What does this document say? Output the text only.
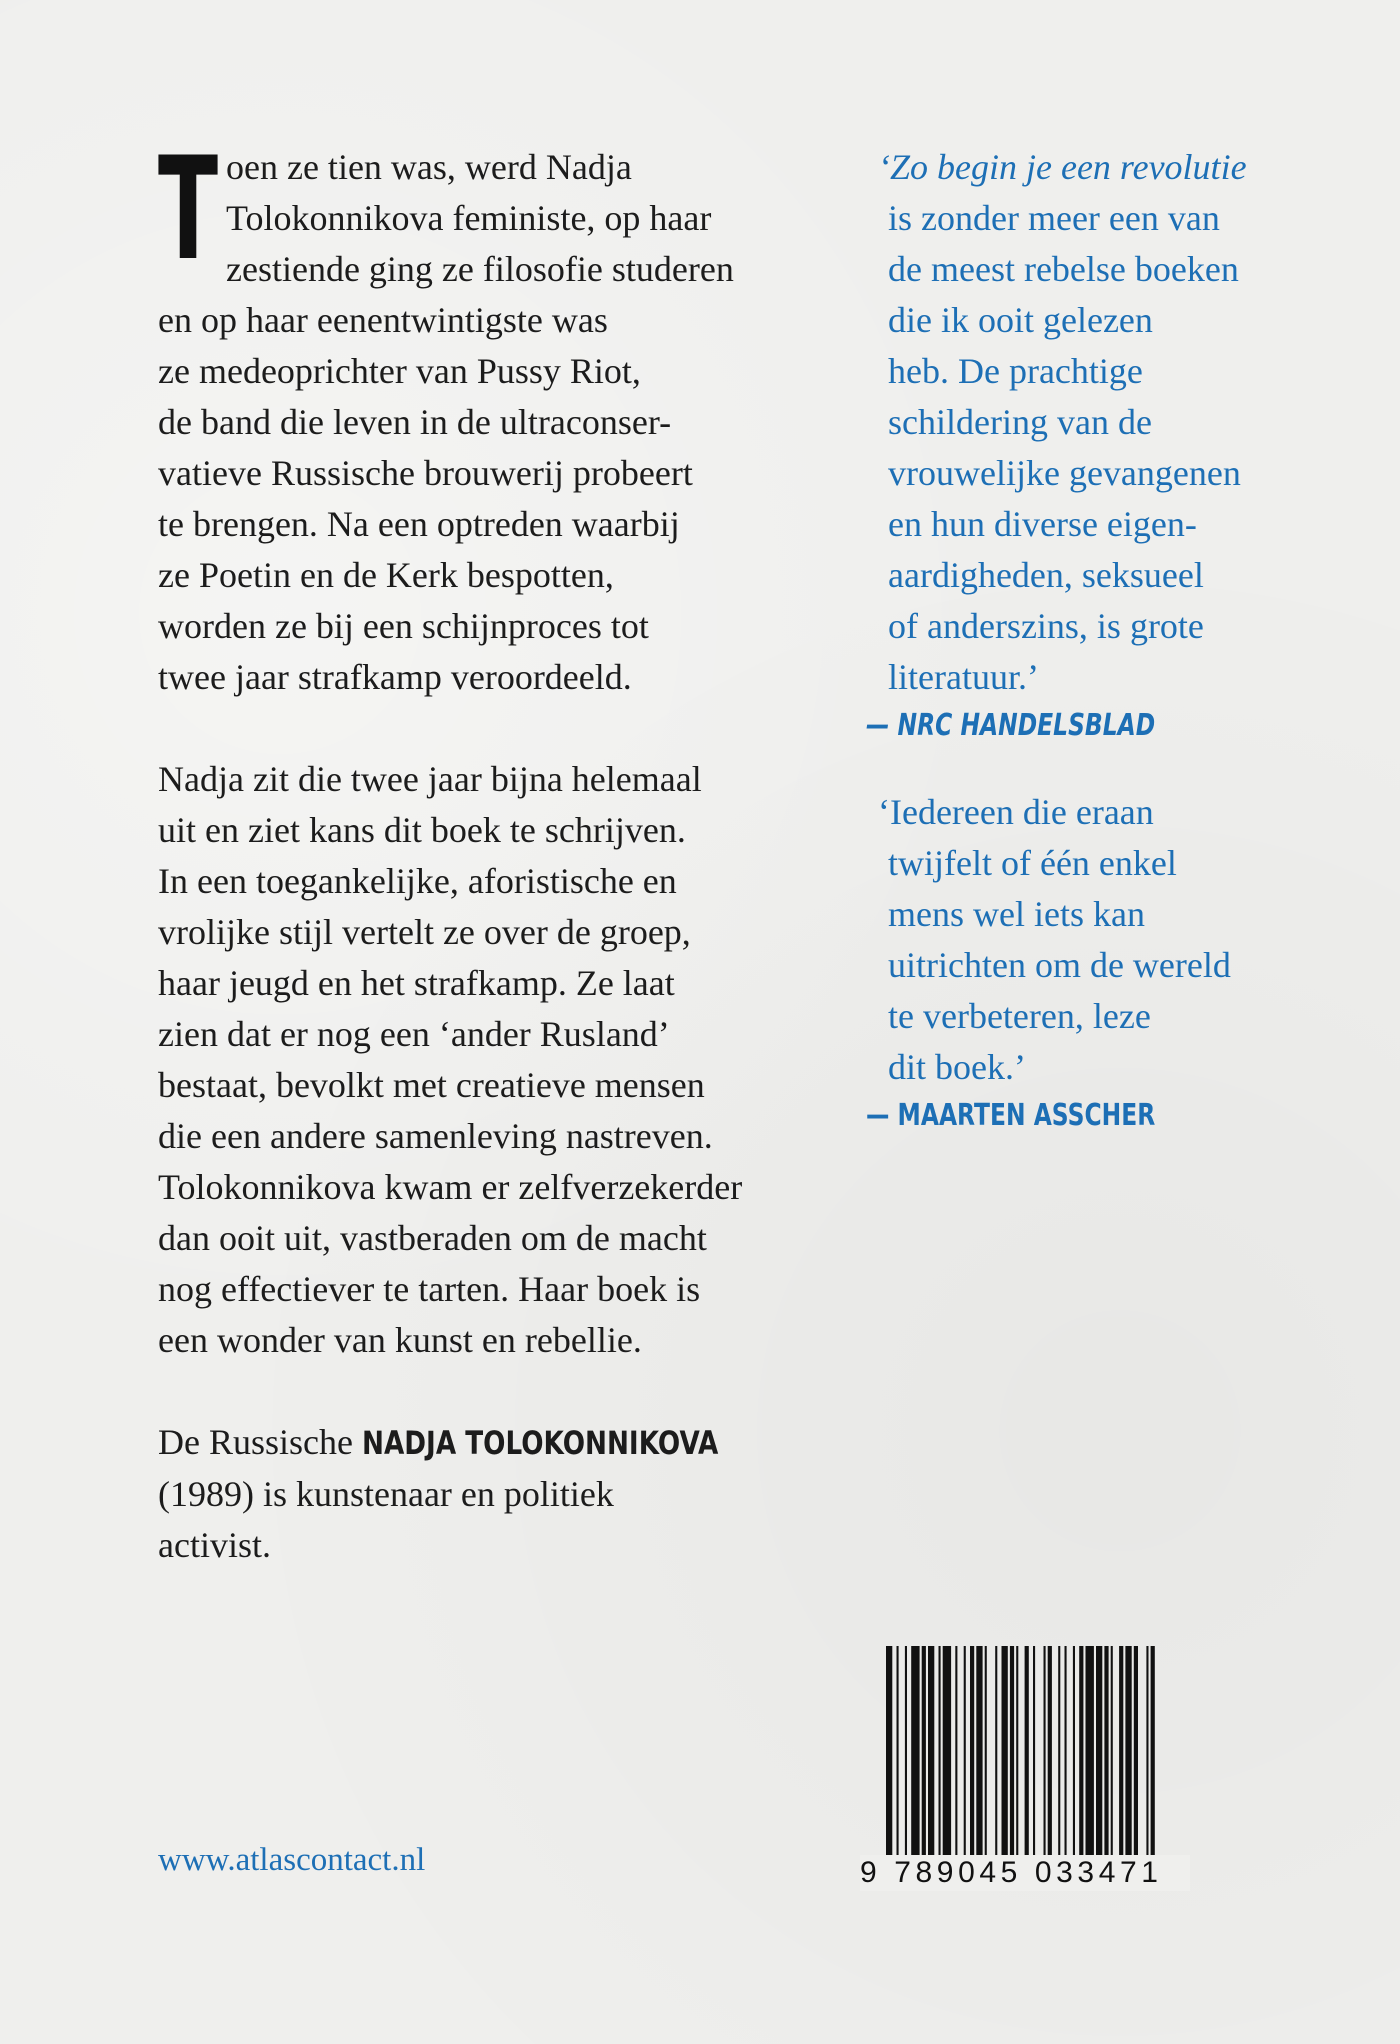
T oen ze tien was, werd Nadja
Tolokonnikova feministe, op haar
zestiende ging ze filosofie studeren
en op haar eenentwintigste was
ze medeoprichter van Pussy Riot,
de band die leven in de ultraconser-
vatieve Russische brouwerij probeert
te brengen. Na een optreden waarbij
ze Poetin en de Kerk bespotten,
worden ze bij een schijnproces tot
twee jaar strafkamp veroordeeld.

Nadja zit die twee jaar bijna helemaal
uit en ziet kans dit boek te schrijven.
In een toegankelijke, aforistische en
vrolijke stijl vertelt ze over de groep,
haar jeugd en het strafkamp. Ze laat
zien dat er nog een ‘ander Rusland’
bestaat, bevolkt met creatieve mensen
die een andere samenleving nastreven.
Tolokonnikova kwam er zelfverzekerder
dan ooit uit, vastberaden om de macht
nog effectiever te tarten. Haar boek is
een wonder van kunst en rebellie.

De Russische NADJA TOLOKONNIKOVA
(1989) is kunstenaar en politiek
activist.

‘Zo begin je een revolutie
is zonder meer een van
de meest rebelse boeken
die ik ooit gelezen
heb. De prachtige
schildering van de
vrouwelijke gevangenen
en hun diverse eigen-
aardigheden, seksueel
of anderszins, is grote
literatuur.’
— NRC HANDELSBLAD
‘Iedereen die eraan
twijfelt of één enkel
mens wel iets kan
uitrichten om de wereld
te verbeteren, leze
dit boek.’
— MAARTEN ASSCHER
www.atlascontact.nl	9 789045 033471
